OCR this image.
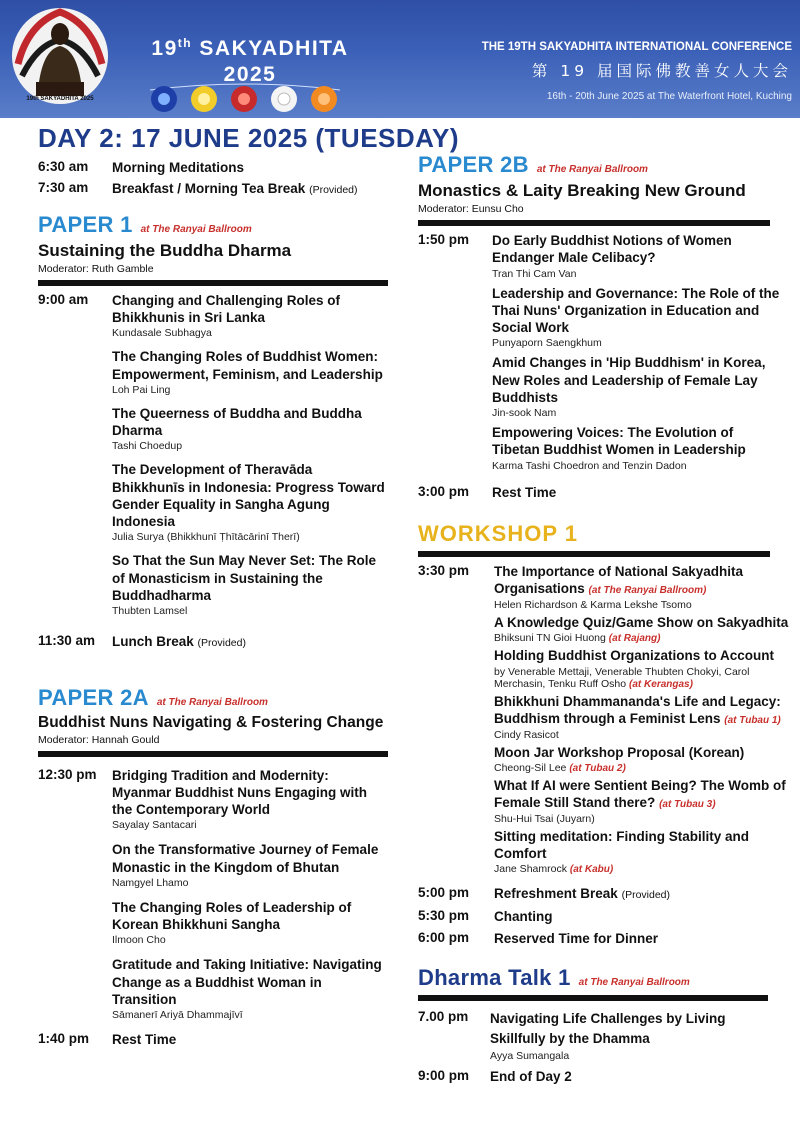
19th SAKYADHITA 2025
19th SAKYADHITA
2025
THE 19TH SAKYADHITA INTERNATIONAL CONFERENCE
第 19 届国际佛教善女人大会
16th - 20th June 2025 at The Waterfront Hotel, Kuching
DAY 2: 17 JUNE 2025 (TUESDAY)
6:30 am	Morning Meditations
7:30 am	Breakfast / Morning Tea Break (Provided)
PAPER 1 at The Ranyai Ballroom
Sustaining the Buddha Dharma
Moderator: Ruth Gamble
9:00 am	Changing and Challenging Roles of Bhikkhunis in Sri Lanka
Kundasale Subhagya
The Changing Roles of Buddhist Women: Empowerment, Feminism, and Leadership
Loh Pai Ling
The Queerness of Buddha and Buddha Dharma
Tashi Choedup
The Development of Theravāda Bhikkhunīs in Indonesia: Progress Toward Gender Equality in Sangha Agung Indonesia
Julia Surya (Bhikkhunī Ṭhītācārinī Therī)
So That the Sun May Never Set: The Role of Monasticism in Sustaining the Buddhadharma
Thubten Lamsel
11:30 am	Lunch Break (Provided)
PAPER 2A at The Ranyai Ballroom
Buddhist Nuns Navigating & Fostering Change
Moderator: Hannah Gould
12:30 pm	Bridging Tradition and Modernity: Myanmar Buddhist Nuns Engaging with the Contemporary World
Sayalay Santacari
On the Transformative Journey of Female Monastic in the Kingdom of Bhutan
Namgyel Lhamo
The Changing Roles of Leadership of Korean Bhikkhuni Sangha
Ilmoon Cho
Gratitude and Taking Initiative: Navigating Change as a Buddhist Woman in Transition
Sāmanerī Ariyā Dhammajīvī
1:40 pm	Rest Time
PAPER 2B at The Ranyai Ballroom
Monastics & Laity Breaking New Ground
Moderator: Eunsu Cho
1:50 pm	Do Early Buddhist Notions of Women Endanger Male Celibacy?
Tran Thi Cam Van
Leadership and Governance: The Role of the Thai Nuns' Organization in Education and Social Work
Punyaporn Saengkhum
Amid Changes in 'Hip Buddhism' in Korea, New Roles and Leadership of Female Lay Buddhists
Jin-sook Nam
Empowering Voices: The Evolution of Tibetan Buddhist Women in Leadership
Karma Tashi Choedron and Tenzin Dadon
3:00 pm	Rest Time
WORKSHOP 1
3:30 pm	The Importance of National Sakyadhita Organisations (at The Ranyai Ballroom)
Helen Richardson & Karma Lekshe Tsomo
A Knowledge Quiz/Game Show on Sakyadhita
Bhiksuni TN Gioi Huong (at Rajang)
Holding Buddhist Organizations to Account
by Venerable Mettaji, Venerable Thubten Chokyi, Carol Merchasin, Tenku Ruff Osho (at Kerangas)
Bhikkhuni Dhammananda's Life and Legacy: Buddhism through a Feminist Lens (at Tubau 1)
Cindy Rasicot
Moon Jar Workshop Proposal (Korean)
Cheong-Sil Lee (at Tubau 2)
What If AI were Sentient Being? The Womb of Female Still Stand there? (at Tubau 3)
Shu-Hui Tsai (Juyarn)
Sitting meditation: Finding Stability and Comfort
Jane Shamrock (at Kabu)
5:00 pm	Refreshment Break (Provided)
5:30 pm	Chanting
6:00 pm	Reserved Time for Dinner
Dharma Talk 1 at The Ranyai Ballroom
7.00 pm	Navigating Life Challenges by Living Skillfully by the Dhamma
Ayya Sumangala
9:00 pm	End of Day 2
